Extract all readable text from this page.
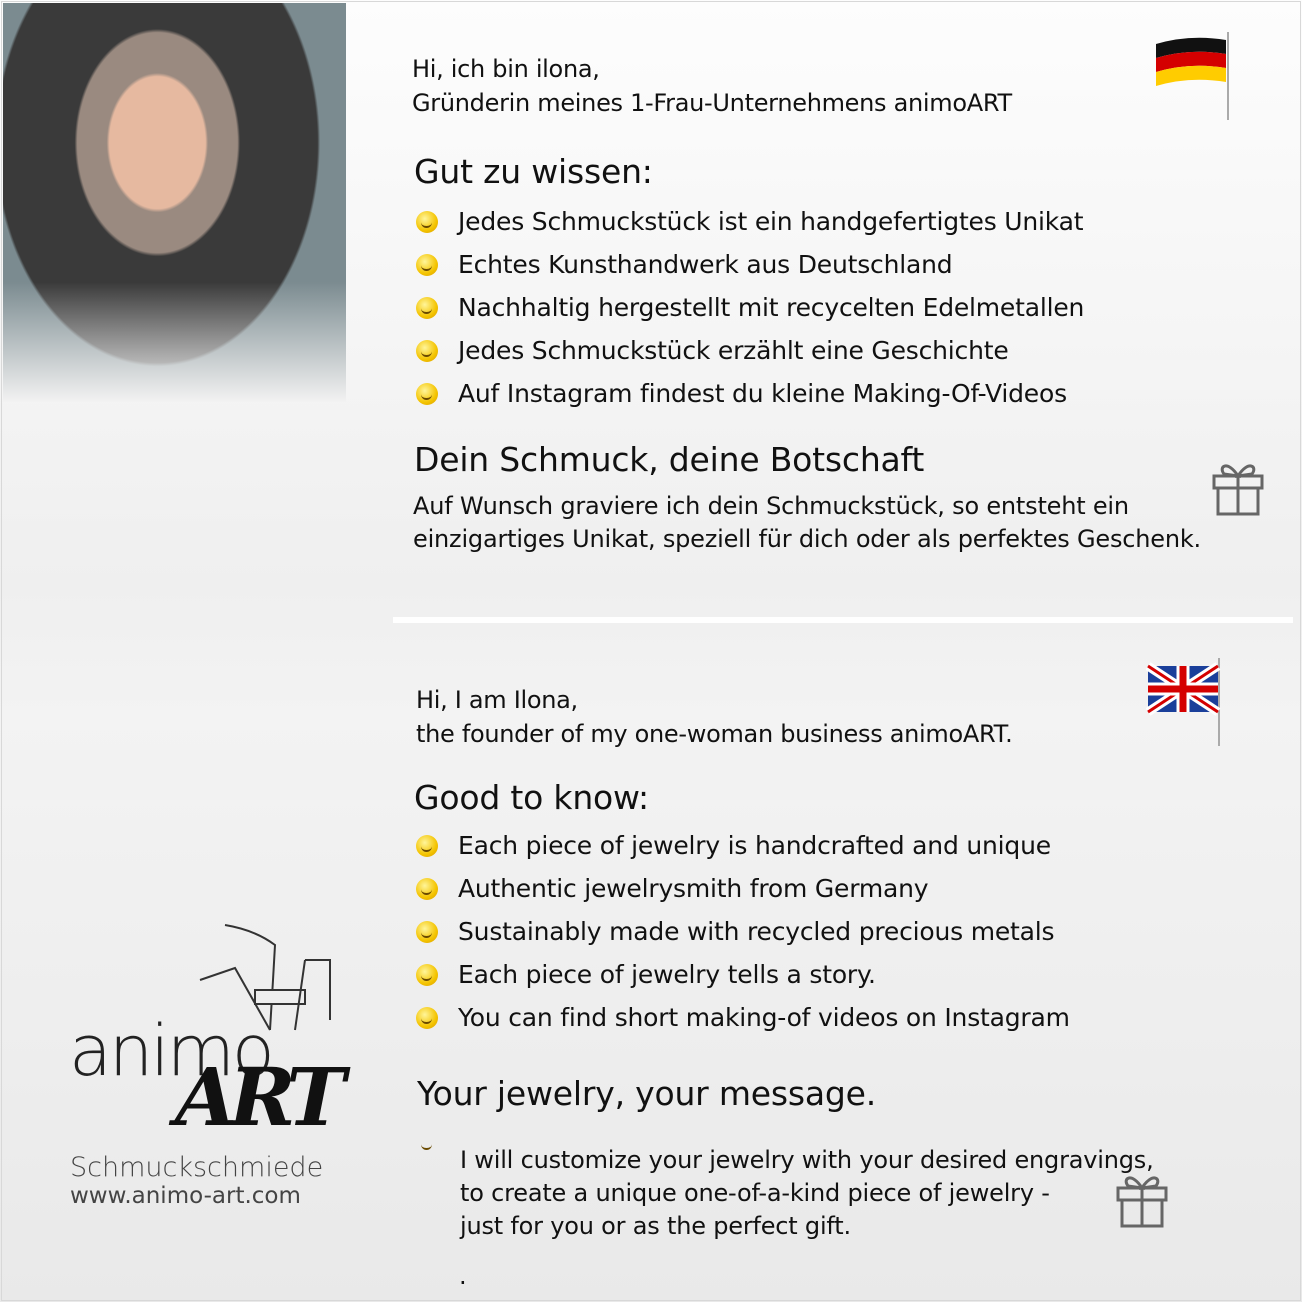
Hi, ich bin ilona,
Gründerin meines 1-Frau-Unternehmens animoART
Gut zu wissen:
Jedes Schmuckstück ist ein handgefertigtes Unikat
Echtes Kunsthandwerk aus Deutschland
Nachhaltig hergestellt mit recycelten Edelmetallen
Jedes Schmuckstück erzählt eine Geschichte
Auf Instagram findest du kleine Making-Of-Videos
Dein Schmuck, deine Botschaft
Auf Wunsch graviere ich dein Schmuckstück, so entsteht ein
einzigartiges Unikat, speziell für dich oder als perfektes Geschenk.
Hi, I am Ilona,
the founder of my one-woman business animoART.
Good to know:
Each piece of jewelry is handcrafted and unique
Authentic jewelrysmith from Germany
Sustainably made with recycled precious metals
Each piece of jewelry tells a story.
You can find short making-of videos on Instagram
Your jewelry, your message.
I will customize your jewelry with your desired engravings,
to create a unique one-of-a-kind piece of jewelry -
just for you or as the perfect gift.
.
animo
ART
Schmuckschmiede
www.animo-art.com
